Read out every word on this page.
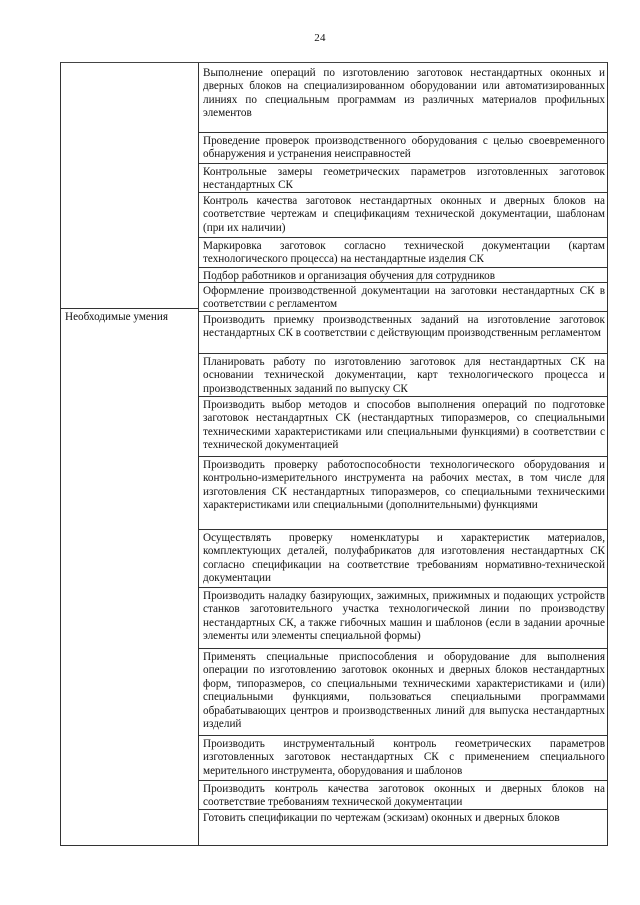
24
Необходимые умения
Выполнение операций по изготовлению заготовок нестандартных оконных и дверных блоков на специализированном оборудовании или автоматизированных линиях по специальным программам из различных материалов профильных элементов
Проведение проверок производственного оборудования с целью своевременного обнаружения и устранения неисправностей
Контрольные замеры геометрических параметров изготовленных заготовок нестандартных СК
Контроль качества заготовок нестандартных оконных и дверных блоков на соответствие чертежам и спецификациям технической документации, шаблонам (при их наличии)
Маркировка заготовок согласно технической документации (картам технологического процесса) на нестандартные изделия СК
Подбор работников и организация обучения для сотрудников
Оформление производственной документации на заготовки нестандартных СК в соответствии с регламентом
Производить приемку производственных заданий на изготовление заготовок нестандартных СК в соответствии с действующим производственным регламентом
Планировать работу по изготовлению заготовок для нестандартных СК на основании технической документации, карт технологического процесса и производственных заданий по выпуску СК
Производить выбор методов и способов выполнения операций по подготовке заготовок нестандартных СК (нестандартных типоразмеров, со специальными техническими характеристиками или специальными функциями) в соответствии с технической документацией
Производить проверку работоспособности технологического оборудования и контрольно-измерительного инструмента на рабочих местах, в том числе для изготовления СК нестандартных типоразмеров, со специальными техническими характеристиками или специальными (дополнительными) функциями
Осуществлять проверку номенклатуры и характеристик материалов, комплектующих деталей, полуфабрикатов для изготовления нестандартных СК согласно спецификации на соответствие требованиям нормативно-технической документации
Производить наладку базирующих, зажимных, прижимных и подающих устройств станков заготовительного участка технологической линии по производству нестандартных СК, а также гибочных машин и шаблонов (если в задании арочные элементы или элементы специальной формы)
Применять специальные приспособления и оборудование для выполнения операции по изготовлению заготовок оконных и дверных блоков нестандартных форм, типоразмеров, со специальными техническими характеристиками и (или) специальными функциями, пользоваться специальными программами обрабатывающих центров и производственных линий для выпуска нестандартных изделий
Производить инструментальный контроль геометрических параметров изготовленных заготовок нестандартных СК с применением специального мерительного инструмента, оборудования и шаблонов
Производить контроль качества заготовок оконных и дверных блоков на соответствие требованиям технической документации
Готовить спецификации по чертежам (эскизам) оконных и дверных блоков
